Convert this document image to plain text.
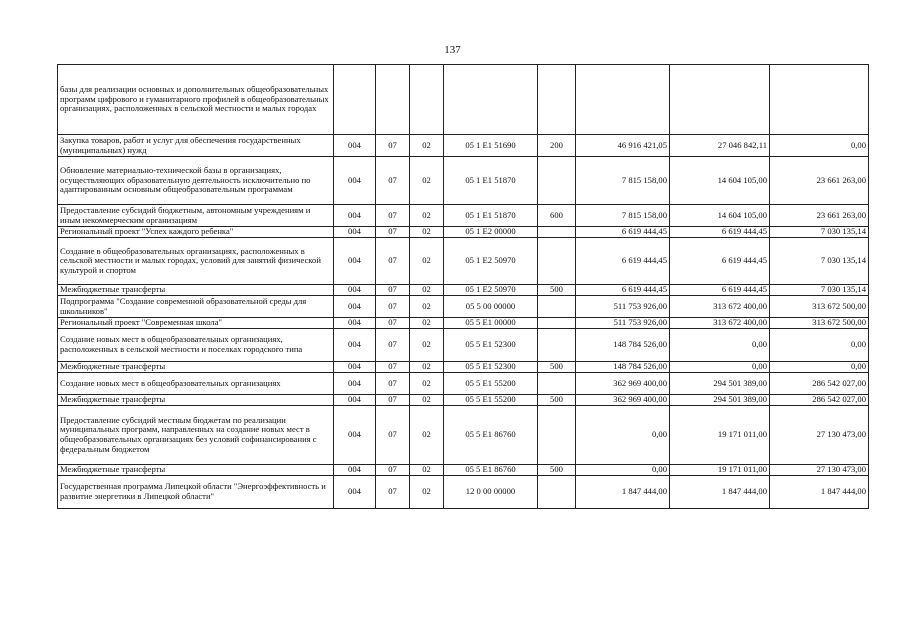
137
базы для реализации основных и дополнительных общеобразовательных программ цифрового и гуманитарного профилей в общеобразовательных организациях, расположенных в сельской местности и малых городах								
Закупка товаров, работ и услуг для обеспечения государственных (муниципальных) нужд	004	07	02	05 1 E1 51690	200	46 916 421,05	27 046 842,11	0,00
Обновление материально-технической базы в организациях, осуществляющих образовательную деятельность исключительно по адаптированным основным общеобразовательным программам	004	07	02	05 1 E1 51870		7 815 158,00	14 604 105,00	23 661 263,00
Предоставление субсидий бюджетным, автономным учреждениям и иным некоммерческим организациям	004	07	02	05 1 E1 51870	600	7 815 158,00	14 604 105,00	23 661 263,00
Региональный проект "Успех каждого ребенка"	004	07	02	05 1 E2 00000		6 619 444,45	6 619 444,45	7 030 135,14
Создание в общеобразовательных организациях, расположенных в сельской местности и малых городах, условий для занятий физической культурой и спортом	004	07	02	05 1 E2 50970		6 619 444,45	6 619 444,45	7 030 135,14
Межбюджетные трансферты	004	07	02	05 1 E2 50970	500	6 619 444,45	6 619 444,45	7 030 135,14
Подпрограмма "Создание современной образовательной среды для школьников"	004	07	02	05 5 00 00000		511 753 926,00	313 672 400,00	313 672 500,00
Региональный проект "Современная школа"	004	07	02	05 5 E1 00000		511 753 926,00	313 672 400,00	313 672 500,00
Создание новых мест в общеобразовательных организациях, расположенных в сельской местности и поселках городского типа	004	07	02	05 5 E1 52300		148 784 526,00	0,00	0,00
Межбюджетные трансферты	004	07	02	05 5 E1 52300	500	148 784 526,00	0,00	0,00
Создание новых мест в общеобразовательных организациях	004	07	02	05 5 E1 55200		362 969 400,00	294 501 389,00	286 542 027,00
Межбюджетные трансферты	004	07	02	05 5 E1 55200	500	362 969 400,00	294 501 389,00	286 542 027,00
Предоставление субсидий местным бюджетам по реализации муниципальных программ, направленных на создание новых мест в общеобразовательных организациях без условий софинансирования с федеральным бюджетом	004	07	02	05 5 E1 86760		0,00	19 171 011,00	27 130 473,00
Межбюджетные трансферты	004	07	02	05 5 E1 86760	500	0,00	19 171 011,00	27 130 473,00
Государственная программа Липецкой области "Энергоэффективность и развитие энергетики в Липецкой области"	004	07	02	12 0 00 00000		1 847 444,00	1 847 444,00	1 847 444,00
